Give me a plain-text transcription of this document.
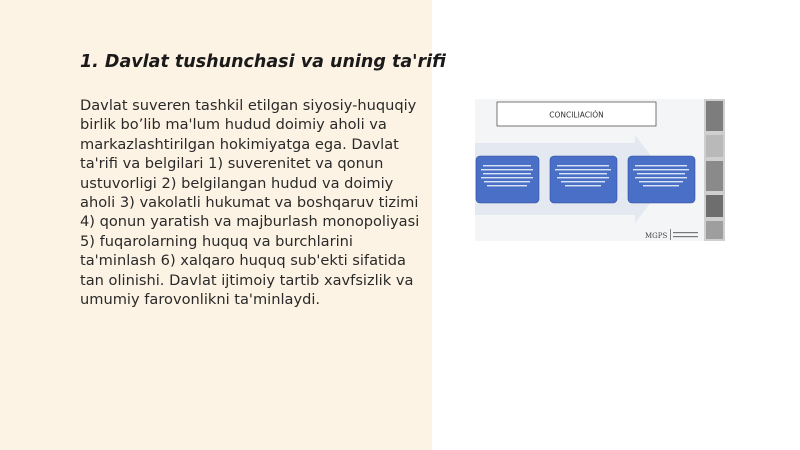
1. Davlat tushunchasi va uning ta'rifi

Davlat suveren tashkil etilgan siyosiy-huquqiy birlik bo’lib ma'lum hudud doimiy aholi va markazlashtirilgan hokimiyatga ega. Davlat ta'rifi va belgilari 1) suverenitet va qonun ustuvorligi 2) belgilangan hudud va doimiy aholi 3) vakolatli hukumat va boshqaruv tizimi 4) qonun yaratish va majburlash monopoliyasi 5) fuqarolarning huquq va burchlarini ta'minlash 6) xalqaro huquq sub'ekti sifatida tan olinishi. Davlat ijtimoiy tartib xavfsizlik va umumiy farovonlikni ta'minlaydi.

CONCILIACIÓN
MGPS
